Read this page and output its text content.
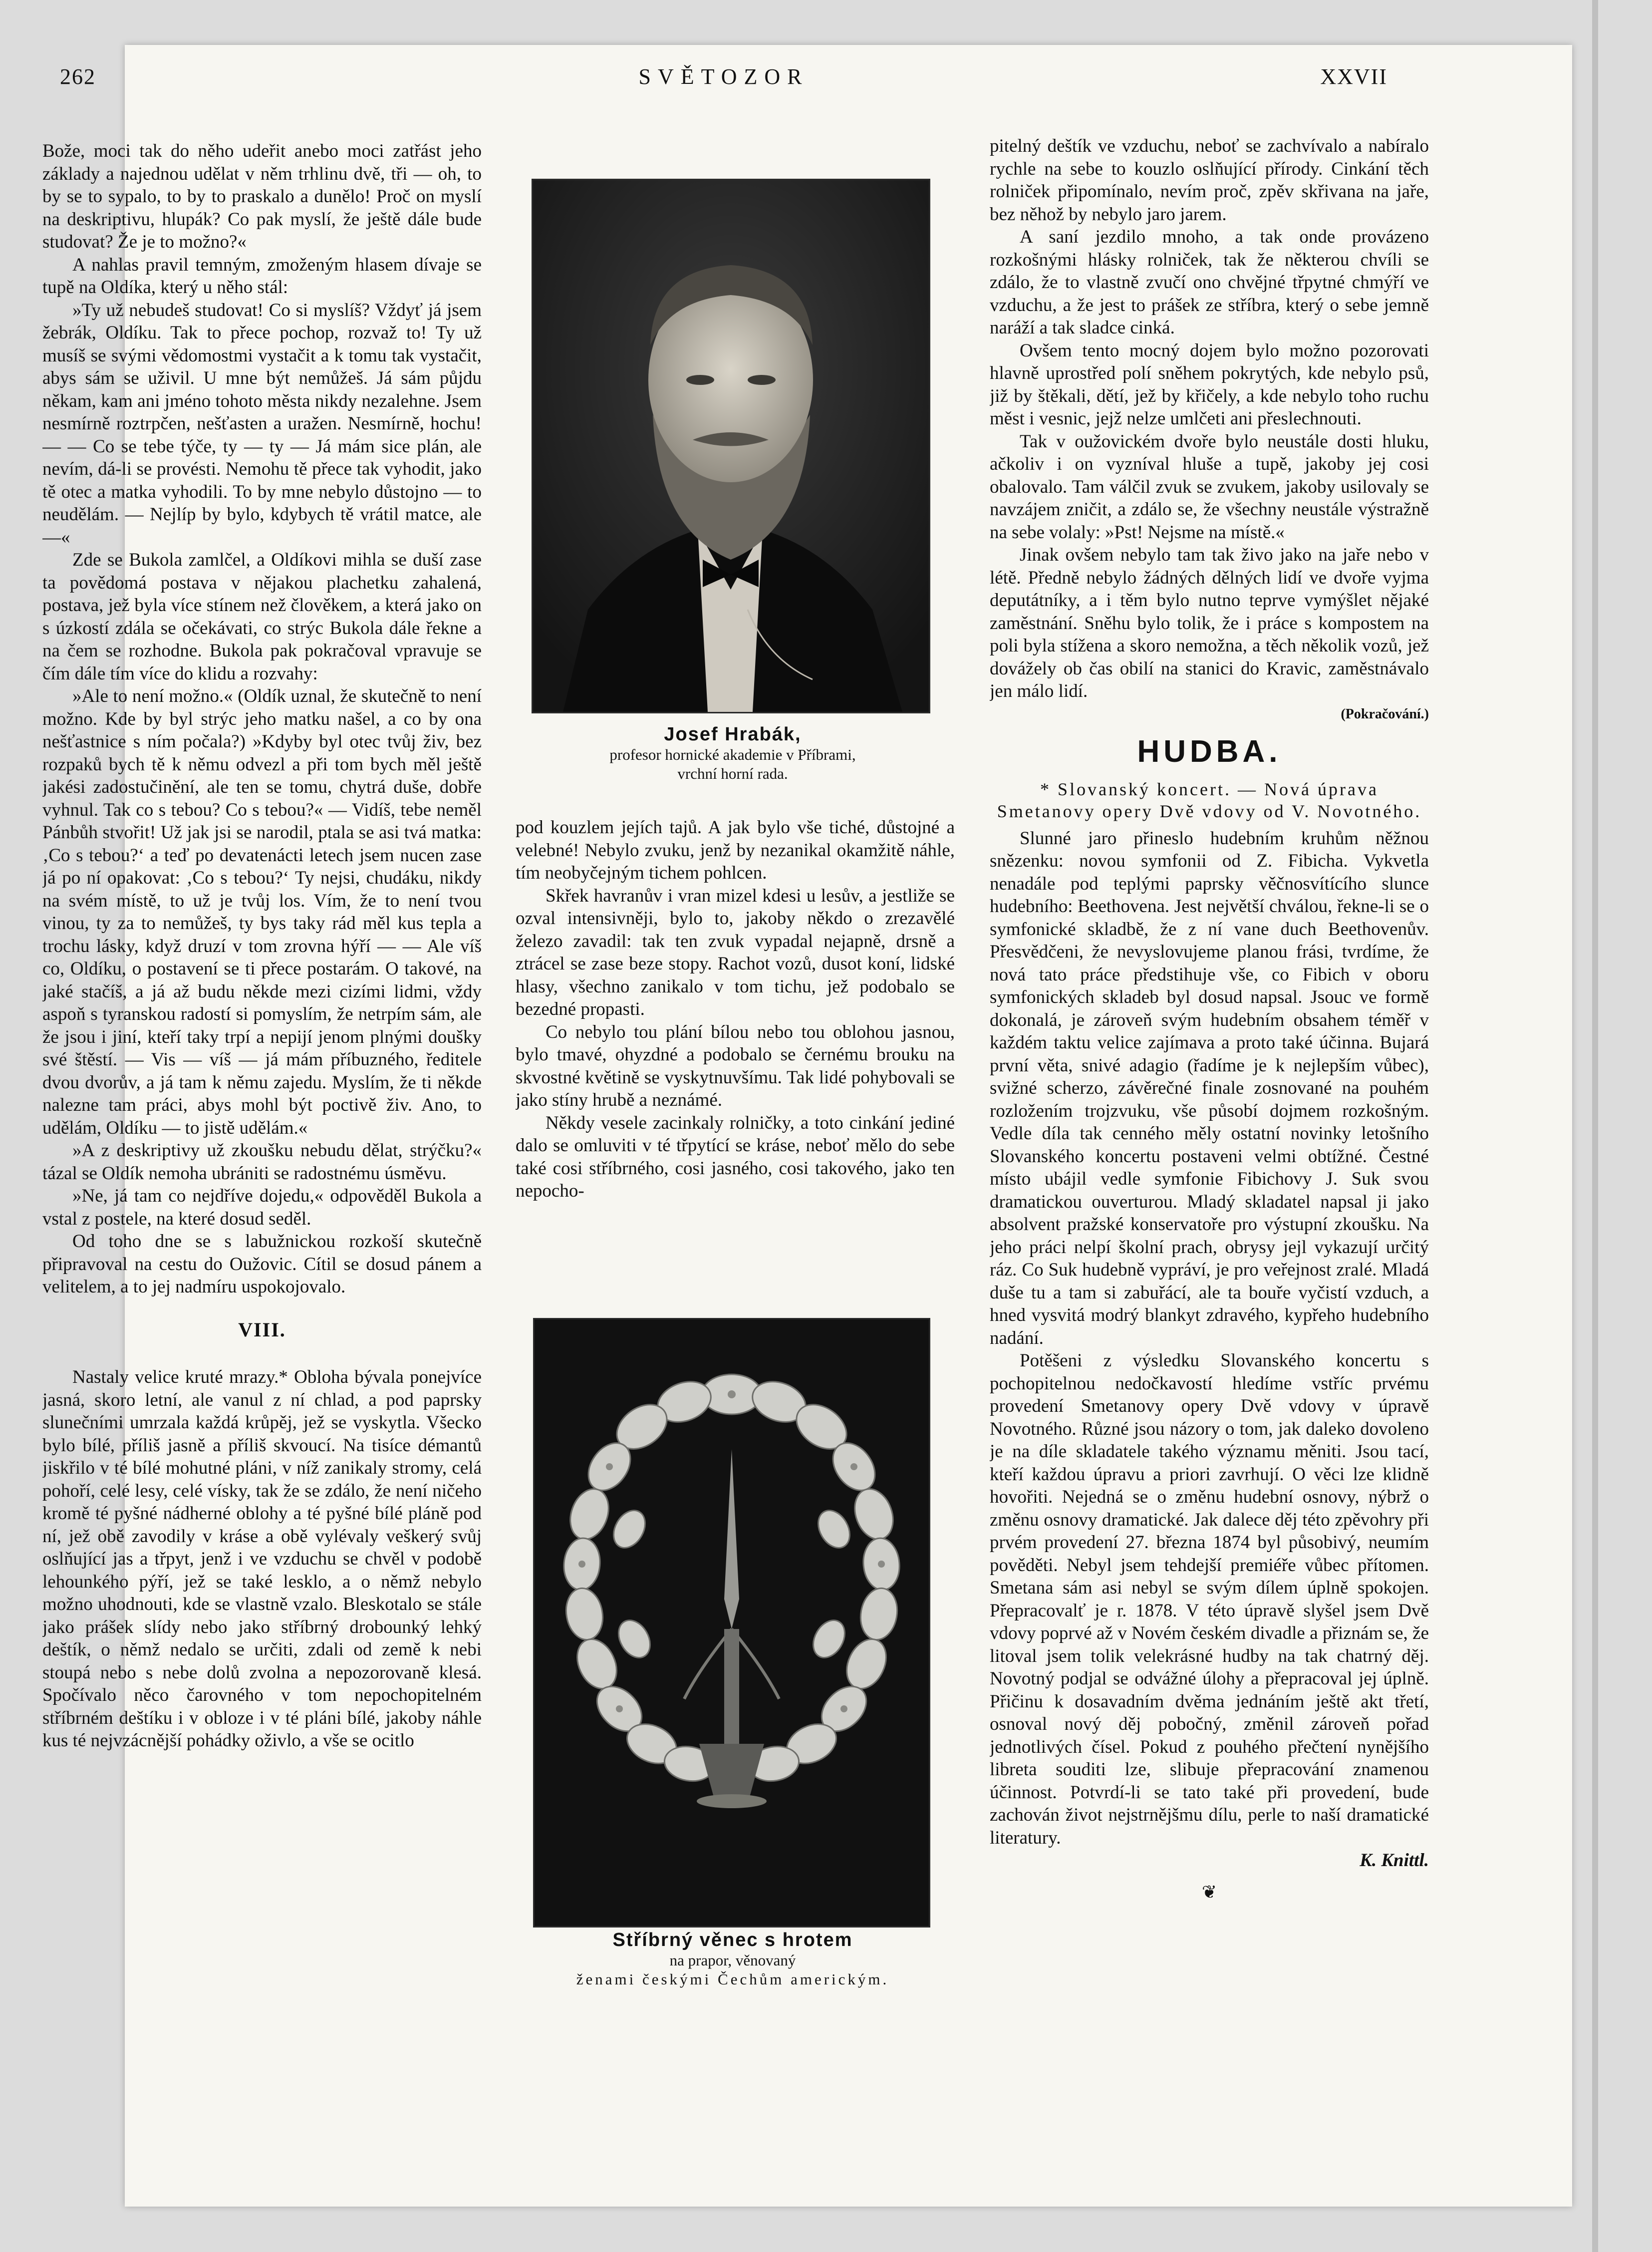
262	SVĚTOZOR	XXVII

Bože, moci tak do něho udeřit anebo moci zatřást jeho základy a najednou udělat v něm trhlinu dvě, tři — oh, to by se to sypalo, to by to praskalo a dunělo! Proč on myslí na deskriptivu, hlupák? Co pak myslí, že ještě dále bude studovat? Že je to možno?«

A nahlas pravil temným, zmoženým hlasem dívaje se tupě na Oldíka, který u něho stál:

»Ty už nebudeš studovat! Co si myslíš? Vždyť já jsem žebrák, Oldíku. Tak to přece pochop, rozvaž to! Ty už musíš se svými vědomostmi vystačit a k tomu tak vystačit, abys sám se uživil. U mne být nemůžeš. Já sám půjdu někam, kam ani jméno tohoto města nikdy nezalehne. Jsem nesmírně roztrpčen, nešťasten a uražen. Nesmírně, hochu! — — Co se tebe týče, ty — ty — Já mám sice plán, ale nevím, dá-li se provésti. Nemohu tě přece tak vyhodit, jako tě otec a matka vyhodili. To by mne nebylo důstojno — to neudělám. — Nejlíp by bylo, kdybych tě vrátil matce, ale —«

Zde se Bukola zamlčel, a Oldíkovi mihla se duší zase ta povědomá postava v nějakou plachetku zahalená, postava, jež byla více stínem než člověkem, a která jako on s úzkostí zdála se očekávati, co strýc Bukola dále řekne a na čem se rozhodne. Bukola pak pokračoval vpravuje se čím dále tím více do klidu a rozvahy:

»Ale to není možno.« (Oldík uznal, že skutečně to není možno. Kde by byl strýc jeho matku našel, a co by ona nešťastnice s ním počala?) »Kdyby byl otec tvůj živ, bez rozpaků bych tě k němu odvezl a při tom bych měl ještě jakési zadostučinění, ale ten se tomu, chytrá duše, dobře vyhnul. Tak co s tebou? Co s tebou?« — Vidíš, tebe neměl Pánbůh stvořit! Už jak jsi se narodil, ptala se asi tvá matka: ‚Co s tebou?‘ a teď po devatenácti letech jsem nucen zase já po ní opakovat: ‚Co s tebou?‘ Ty nejsi, chudáku, nikdy na svém místě, to už je tvůj los. Vím, že to není tvou vinou, ty za to nemůžeš, ty bys taky rád měl kus tepla a trochu lásky, když druzí v tom zrovna hýří — — Ale víš co, Oldíku, o postavení se ti přece postarám. O takové, na jaké stačíš, a já až budu někde mezi cizími lidmi, vždy aspoň s tyranskou radostí si pomyslím, že netrpím sám, ale že jsou i jiní, kteří taky trpí a nepijí jenom plnými doušky své štěstí. — Vis — víš — já mám příbuzného, ředitele dvou dvorův, a já tam k němu zajedu. Myslím, že ti někde nalezne tam práci, abys mohl být poctivě živ. Ano, to udělám, Oldíku — to jistě udělám.«

»A z deskriptivy už zkoušku nebudu dělat, strýčku?« tázal se Oldík nemoha ubrániti se radostnému úsměvu.

»Ne, já tam co nejdříve dojedu,« odpověděl Bukola a vstal z postele, na které dosud seděl.

Od toho dne se s labužnickou rozkoší skutečně připravoval na cestu do Oužovic. Cítil se dosud pánem a velitelem, a to jej nadmíru uspokojovalo.

VIII.

Nastaly velice kruté mrazy.* Obloha bývala ponejvíce jasná, skoro letní, ale vanul z ní chlad, a pod paprsky slunečními umrzala každá krůpěj, jež se vyskytla. Všecko bylo bílé, příliš jasně a příliš skvoucí. Na tisíce démantů jiskřilo v té bílé mohutné pláni, v níž zanikaly stromy, celá pohoří, celé lesy, celé vísky, tak že se zdálo, že není ničeho kromě té pyšné nádherné oblohy a té pyšné bílé pláně pod ní, jež obě zavodily v krásе a obě vylévaly veškerý svůj oslňující jas a třpyt, jenž i ve vzduchu se chvěl v podobě lehounkého pýří, jež se také lesklo, a o němž nebylo možno uhodnouti, kde se vlastně vzalo. Bleskotalo se stále jako prášek slídy nebo jako stříbrný drobounký lehký deštík, o němž nedalo se určiti, zdali od země k nebi stoupá nebo s nebe dolů zvolna a nepozorovaně klesá. Spočívalo něco čarovného v tom nepochopitelném stříbrném deštíku i v obloze i v té pláni bílé, jakoby náhle kus té nejvzácnější pohádky oživlo, a vše se ocitlo

Josef Hrabák,
profesor hornické akademie v Příbrami,
vrchní horní rada.

pod kouzlem jejích tajů. A jak bylo vše tiché, důstojné a velebné! Nebylo zvuku, jenž by nezanikal okamžitě náhle, tím neobyčejným tichem pohlcen.

Skřek havranův i vran mizel kdesi u lesův, a jestliže se ozval intensivněji, bylo to, jakoby někdo o zrezavělé železo zavadil: tak ten zvuk vypadal nejapně, drsně a ztrácel se zase beze stopy. Rachot vozů, dusot koní, lidské hlasy, všechno zanikalo v tom tichu, jež podobalo se bezedné propasti.

Co nebylo tou plání bílou nebo tou oblohou jasnou, bylo tmavé, ohyzdné a podobalo se černému brouku na skvostné květině se vyskytnuvšímu. Tak lidé pohybovali se jako stíny hrubě a neznámé.

Někdy vesele zacinkaly rolničky, a toto cinkání jediné dalo se omluviti v té třpytící se kráse, neboť mělo do sebe také cosi stříbrného, cosi jasného, cosi takového, jako ten nepocho-

Stříbrný věnec s hrotem
na prapor, věnovaný
ženami českými Čechům americkým.

pitelný deštík ve vzduchu, neboť se zachvívalo a nabíralo rychle na sebe to kouzlo oslňující přírody. Cinkání těch rolniček připomínalo, nevím proč, zpěv skřivana na jaře, bez něhož by nebylo jaro jarem.

A saní jezdilo mnoho, a tak onde provázeno rozkošnými hlásky rolniček, tak že některou chvíli se zdálo, že to vlastně zvučí ono chvějné třpytné chmýří ve vzduchu, a že jest to prášek ze stříbra, který o sebe jemně naráží a tak sladce cinká.

Ovšem tento mocný dojem bylo možno pozorovati hlavně uprostřed polí sněhem pokrytých, kde nebylo psů, již by štěkali, dětí, jež by křičely, a kde nebylo toho ruchu měst i vesnic, jejž nelze umlčeti ani přeslechnouti.

Tak v oužovickém dvoře bylo neustále dosti hluku, ačkoliv i on vyzníval hluše a tupě, jakoby jej cosi obalovalo. Tam válčil zvuk se zvukem, jakoby usilovaly se navzájem zničit, a zdálo se, že všechny neustále výstražně na sebe volaly: »Pst! Nejsme na místě.«

Jinak ovšem nebylo tam tak živo jako na jaře nebo v létě. Předně nebylo žádných dělných lidí ve dvoře vyjma deputátníky, a i těm bylo nutno teprve vymýšlet nějaké zaměstnání. Sněhu bylo tolik, že i práce s kompostem na poli byla stížena a skoro nemožna, a těch několik vozů, jež dovážely ob čas obilí na stanici do Kravic, zaměstnávalo jen málo lidí.

(Pokračování.)
HUDBA.
* Slovanský koncert. — Nová úprava Smetanovy opery Dvě vdovy od V. Novotného.

Slunné jaro přineslo hudebním kruhům něžnou snězenku: novou symfonii od Z. Fibicha. Vykvetla nenadále pod teplými paprsky věčnosvítícího slunce hudebního: Beethovena. Jest největší chválou, řekne-li se o symfonické skladbě, že z ní vane duch Beethovenův. Přesvědčeni, že nevyslovujeme planou frási, tvrdíme, že nová tato práce předstihuje vše, co Fibich v oboru symfonických skladeb byl dosud napsal. Jsouc ve formě dokonalá, je zároveň svým hudebním obsahem téměř v každém taktu velice zajímava a proto také účinna. Bujará první věta, snivé adagio (řadíme je k nejlepším vůbec), svižné scherzo, závěrečné finale zosnované na pouhém rozložením trojzvuku, vše působí dojmem rozkošným. Vedle díla tak cenného měly ostatní novinky letošního Slovanského koncertu postaveni velmi obtížné. Čestné místo ubájil vedle symfonie Fibichovy J. Suk svou dramatickou ouverturou. Mladý skladatel napsal ji jako absolvent pražské konservatoře pro výstupní zkoušku. Na jeho práci nelpí školní prach, obrysy jejl vykazují určitý ráz. Co Suk hudebně vypráví, je pro veřejnost zralé. Mladá duše tu a tam si zabuřácí, ale ta bouře vyčistí vzduch, a hned vysvitá modrý blankyt zdravého, kypřeho hudebního nadání.

Potěšeni z výsledku Slovanského koncertu s pochopitelnou nedočkavostí hledíme vstříc prvému provedení Smetanovy opery Dvě vdovy v úpravě Novotného. Různé jsou názory o tom, jak daleko dovoleno je na díle skladatele takého významu měniti. Jsou tací, kteří každou úpravu a priori zavrhují. O věci lze klidně hovořiti. Nejedná se o změnu hudební osnovy, nýbrž o změnu osnovy dramatické. Jak dalece děj této zpěvohry při prvém provedení 27. března 1874 byl působivý, neumím pověděti. Nebyl jsem tehdejší premiéře vůbec přítomen. Smetana sám asi nebyl se svým dílem úplně spokojen. Přepracovalť je r. 1878. V této úpravě slyšel jsem Dvě vdovy poprvé až v Novém českém divadle a přiznám se, že litoval jsem tolik velekrásné hudby na tak chatrný děj. Novotný podjal se odvážné úlohy a přepracoval jej úplně. Přičinu k dosavadním dvěma jednáním ještě akt třetí, osnoval nový děj pobočný, změnil zároveň pořad jednotlivých čísel. Pokud z pouhého přečtení nynějšího libreta souditi lze, slibuje přepracování znamenou účinnost. Potvrdí-li se tato také při provedení, bude zachován život nejstrnějšmu dílu, perle to naší dramatické literatury.

K. Knittl.
❦
